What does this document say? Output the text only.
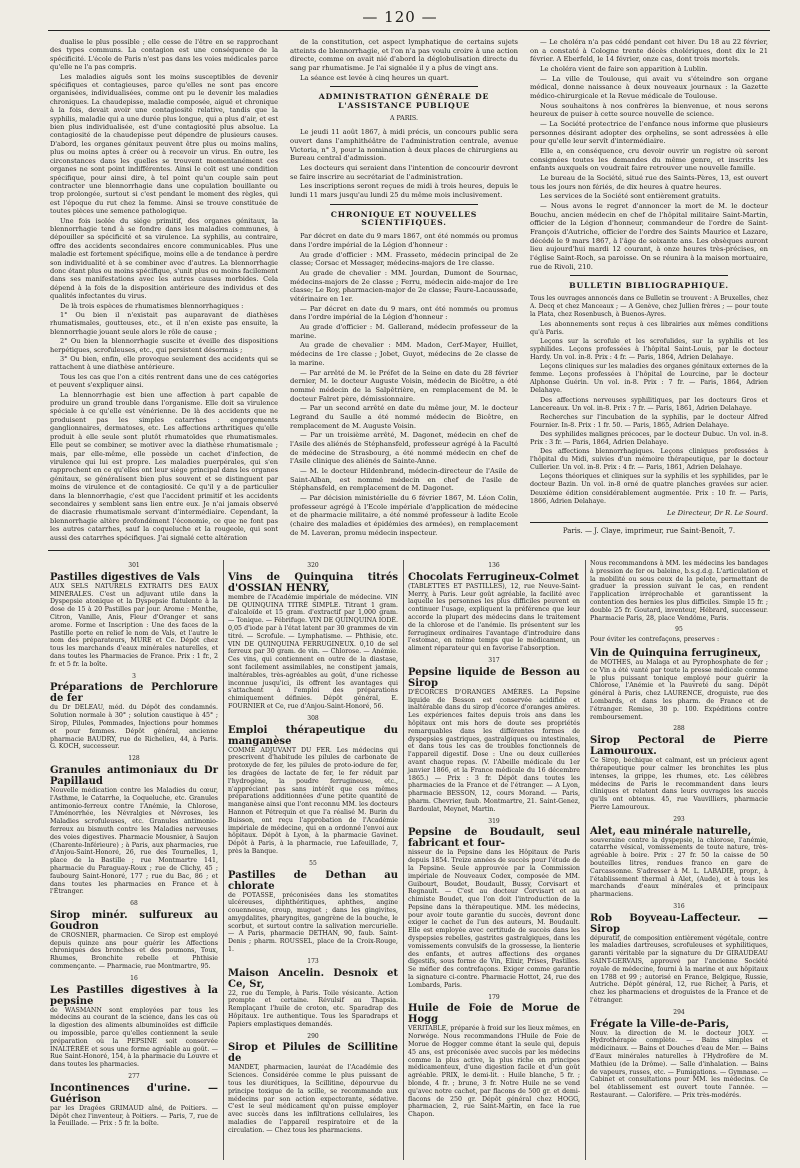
— 120 —

dualise le plus possible ; elle cesse de l'être en se rapprochant des types communs. La contagion est une conséquence de la spécificité. L'école de Paris n'est pas dans les voies médicales parce qu'elle ne l'a pas compris.

Les maladies aiguës sont les moins susceptibles de devenir spécifiques et contagieuses, parce qu'elles ne sont pas encore organisées, individualisées, comme ont pu le devenir les maladies chroniques. La chaudepisse, maladie composée, aiguë et chronique à la fois, devait avoir une contagiosité relative, tandis que la syphilis, maladie qui a une durée plus longue, qui a plus d'air, et est bien plus individualisée, est d'une contagiosité plus absolue. La contagiosité de la chaudepisse peut dépendre de plusieurs causes. D'abord, les organes génitaux peuvent être plus ou moins malins, plus ou moins aptes à créer ou à recevoir un virus. En outre, les circonstances dans les quelles se trouvent momentanément ces organes ne sont point indifférentes. Ainsi le coït est une condition spécifique, pour ainsi dire, à tel point qu'un couple sain peut contracter une blennorrhagie dans une copulation bouillante ou trop prolongée, surtout si c'est pendant le moment des règles, qui est l'époque du rut chez la femme. Ainsi se trouve constituée de toutes pièces une semence pathologique.

Une fois isolée du siége primitif, des organes génitaux, la blennorrhagie tend à se fondre dans les maladies communes, à dépouiller sa spécificité et sa virulence. La syphilis, au contraire, offre des accidents secondaires encore communicables. Plus une maladie est fortement spécifique, moins elle a de tendance à perdre son individualité et à se combiner avec d'autres. La blennorrhagie donc étant plus ou moins spécifique, s'unit plus ou moins facilement dans ses manifestations avec les autres causes morbides. Cela dépend à la fois de la disposition antérieure des individus et des qualités infectantes du virus.

De là trois espèces de rhumatismes blennorrhagiques :

1° Ou bien il n'existait pas auparavant de diathèses rhumatismales, goutteuses, etc., et il n'en existe pas ensuite, la blennorrhagie jouant seule alors le rôle de cause ;

2° Ou bien la blennorrhagie suscite et éveille des dispositions herpétiques, scrofuleuses, etc., qui persistent désormais ;

3° Ou bien, enfin, elle provoque seulement des accidents qui se rattachent à une diathèse antérieure.

Tous les cas que l'on a cités rentrent dans une de ces catégories et peuvent s'expliquer ainsi.

La blennorrhagie est bien une affection à part capable de produire un grand trouble dans l'organisme. Elle doit sa virulence spéciale à ce qu'elle est vénérienne. De là des accidents que ne produisent pas les simples catarrhes : engorgements ganglionnaires, dermatoses, etc. Les affections arthritiques qu'elle produit à elle seule sont plutôt rhumatoïdes que rhumatismales. Elle peut se combiner, se motiver avec la diathèse rhumatismale ; mais, par elle-même, elle possède un cachet d'infection, de virulence qui lui est propre. Les maladies puerpérales, qui s'en rapprochent en ce qu'elles ont leur siége principal dans les organes génitaux, se généralisent bien plus souvent et se distinguent par moins de virulence et de contagiosité. Ce qu'il y a de particulier dans la blennorrhagie, c'est que l'accident primitif et les accidents secondaires y semblent sans lien entre eux. Je n'ai jamais observé de diacrasie rhumatismale servant d'intermédiaire. Cependant, la blennorrhagie altère profondément l'économie, ce que ne font pas les autres catarrhes, sauf la coqueluche et la rougeole, qui sont aussi des catarrhes spécifiques. J'ai signalé cette altération

de la constitution, cet aspect lymphatique de certains sujets atteints de blennorrhagie, et l'on n'a pas voulu croire à une action directe, comme on avait nié d'abord la déglobulisation directe du sang par rhumatisme. Je l'ai signalée il y a plus de vingt ans.

La séance est levée à cinq heures un quart.

ADMINISTRATION GÉNÉRALE DE L'ASSISTANCE PUBLIQUE

A PARIS.

Le jeudi 11 août 1867, à midi précis, un concours public sera ouvert dans l'amphithéâtre de l'administration centrale, avenue Victoria, n° 3, pour la nomination à deux places de chirurgiens au Bureau central d'admission.

Les docteurs qui seraient dans l'intention de concourir devront se faire inscrire au secrétariat de l'administration.

Les inscriptions seront reçues de midi à trois heures, depuis le lundi 11 mars jusqu'au lundi 25 du même mois inclusivement.

CHRONIQUE ET NOUVELLES SCIENTIFIQUES.

Par décret en date du 9 mars 1867, ont été nommés ou promus dans l'ordre impérial de la Légion d'honneur :

Au grade d'officier : MM. Frasseto, médecin principal de 2e classe; Corsac et Messager, médecins-majors de 1re classe.

Au grade de chevalier : MM. Jourdan, Dumont de Sournac, médecins-majors de 2e classe ; Ferru, médecin aide-major de 1re classe; Le Roy, pharmacien-major de 2e classe; Faure-Lacaussade, vétérinaire en 1er.

— Par décret en date du 9 mars, ont été nommés ou promus dans l'ordre impérial de la Légion d'honneur :

Au grade d'officier : M. Gallerand, médecin professeur de la marine.

Au grade de chevalier : MM. Madon, Cerf-Mayer, Huillet, médecins de 1re classe ; Jobet, Guyot, médecins de 2e classe de la marine.

— Par arrêté de M. le Préfet de la Seine en date du 28 février dernier, M. le docteur Auguste Voisin, médecin de Bicêtre, a été nommé médecin de la Salpêtrière, en remplacement de M. le docteur Falret père, démissionnaire.

— Par un second arrêté en date du même jour, M. le docteur Legrand du Saulle a été nommé médecin de Bicêtre, en remplacement de M. Auguste Voisin.

— Par un troisième arrêté, M. Dagonet, médecin en chef de l'Asile des aliénés de Stéphansfeld, professeur agrégé à la Faculté de médecine de Strasbourg, a été nommé médecin en chef de l'Asile clinique des aliénés de Sainte-Anne.

— M. le docteur Hildenbrand, médecin-directeur de l'Asile de Saint-Alban, est nommé médecin en chef de l'asile de Stéphansfeld, en remplacement de M. Dagonet.

— Par décision ministérielle du 6 février 1867, M. Léon Colin, professeur agrégé à l'Ecole impériale d'application de médecine et de pharmacie militaire, a été nommé professeur à ladite Ecole (chaire des maladies et épidémies des armées), en remplacement de M. Laveran, promu médecin inspecteur.

— Le choléra n'a pas cédé pendant cet hiver. Du 18 au 22 février, on a constaté à Cologne trente décès cholériques, dont dix le 21 février. A Eberfeld, le 14 février, onze cas, dont trois mortels.

Le choléra vient de faire son apparition à Lublin.

— La ville de Toulouse, qui avait vu s'éteindre son organe médical, donne naissance à deux nouveaux journaux : la Gazette médico-chirurgicale et la Revue médicale de Toulouse.

Nous souhaitons à nos confrères la bienvenue, et nous serons heureux de puiser à cette source nouvelle de science.

— La Société protectrice de l'enfance nous informe que plusieurs personnes désirant adopter des orphelins, se sont adressées à elle pour qu'elle leur servît d'intermédiaire.

Elle a, en conséquence, cru devoir ouvrir un registre où seront consignées toutes les demandes du même genre, et inscrits les enfants auxquels on voudrait faire retrouver une nouvelle famille.

Le bureau de la Société, situé rue des Saints-Pères, 13, est ouvert tous les jours non fériés, de dix heures à quatre heures.

Les services de la Société sont entièrement gratuits.

— Nous avons le regret d'annoncer la mort de M. le docteur Bouchu, ancien médecin en chef de l'hôpital militaire Saint-Martin, officier de la Légion d'honneur, commandeur de l'ordre de Saint-François d'Autriche, officier de l'ordre des Saints Maurice et Lazare, décédé le 9 mars 1867, à l'âge de soixante ans. Les obsèques auront lieu aujourd'hui mardi 12 courant, à onze heures très-précises, en l'église Saint-Roch, sa paroisse. On se réunira à la maison mortuaire, rue de Rivoli, 210.

BULLETIN BIBLIOGRAPHIQUE.

Tous les ouvrages annoncés dans ce Bulletin se trouvent : A Bruxelles, chez A. Decq et chez Manceaux ; — A Genève, chez Jullien frères ; — pour toute la Plata, chez Rosenbusch, à Buenos-Ayres.

Les abonnements sont reçus à ces librairies aux mêmes conditions qu'à Paris.

Leçons sur la scrofule et les scrofulides, sur la syphilis et les syphilides. Leçons professées à l'hôpital Saint-Louis, par le docteur Hardy. Un vol. in-8. Prix : 4 fr. — Paris, 1864, Adrien Delahaye.

Leçons cliniques sur les maladies des organes génitaux externes de la femme. Leçons professées à l'hôpital de Lourcine, par le docteur Alphonse Guérin. Un vol. in-8. Prix : 7 fr. — Paris, 1864, Adrien Delahaye.

Des affections nerveuses syphilitiques, par les docteurs Gros et Lancereaux. Un vol. in-8. Prix : 7 fr. — Paris, 1861, Adrien Delahaye.

Recherches sur l'incubation de la syphilis, par le docteur Alfred Fournier. In-8. Prix : 1 fr. 50. — Paris, 1865, Adrien Delahaye.

Des syphilides malignes précoces, par le docteur Dubuc. Un vol. in-8. Prix : 3 fr. — Paris, 1864, Adrien Delahaye.

Des affections blennorrhagiques. Leçons cliniques professées à l'hôpital du Midi, suivies d'un mémoire thérapeutique, par le docteur Cullerier. Un vol. in-8. Prix : 4 fr. — Paris, 1861, Adrien Delahaye.

Leçons théoriques et cliniques sur la syphilis et les syphilides, par le docteur Bazin. Un vol. in-8 orné de quatre planches gravées sur acier. Deuxième édition considérablement augmentée. Prix : 10 fr. — Paris, 1866, Adrien Delahaye.

Le Directeur, Dr R. Le Sourd.
Paris. — J. Claye, imprimeur, rue Saint-Benoît, 7.
301
Pastilles digestives de Vals
AUX SELS NATURELS EXTRAITS DES EAUX MINÉRALES. C'est un adjuvant utile dans la Dyspepsie atonique et la Dyspepsie flatulente à la dose de 15 à 20 Pastilles par jour. Arome : Menthe, Citron, Vanille, Anis, Fleur d'Oranger et sans arome. Forme et Inscription : Une des faces de la Pastille porte en relief le nom de Vals, et l'autre le nom des préparateurs, MURE et Ce. Dépôt chez tous les marchands d'eaux minérales naturelles, et dans toutes les Pharmacies de France. Prix : 1 fr., 2 fr. et 5 fr. la boîte.
3
Préparations de Perchlorure de fer
du Dr DELEAU, méd. du Dépôt des condamnés. Solution normale à 30° ; solution caustique à 45° ; Sirop, Pilules, Pommades, Injections pour hommes et pour femmes. Dépôt général, ancienne pharmacie BAUDRY, rue de Richelieu, 44, à Paris. G. KOCH, successeur.
128
Granules antimoniaux du Dr Papillaud
Nouvelle médication contre les Maladies du cœur, l'Asthme, le Catarrhe, la Coqueluche, etc. Granules antimonio-ferreux contre l'Anémie, la Chlorose, l'Aménorrhée, les Névralgies et Névroses, les Maladies scrofuleuses, etc. Granules antimonio-ferreux au bismuth contre les Maladies nerveuses des voies digestives. Pharmacie Mousnier, à Saujon (Charente-Inférieure) ; à Paris, aux pharmacies, rue d'Anjou-Saint-Honoré, 26, rue des Tournelles, 1, place de la Bastille ; rue Montmartre 141, pharmacie du Paraguay-Roux ; rue de Clichy, 45 ; faubourg Saint-Honoré, 177 ; rue du Bac, 86 ; et dans toutes les pharmacies en France et à l'Étranger.
68
Sirop minér. sulfureux au Goudron
de CROSNIER, pharmacien. Ce Sirop est employé depuis quinze ans pour guérir les Affections chroniques des bronches et des poumons, Toux, Rhumes, Bronchite rebelle et Phthisie commençante. — Pharmacie, rue Montmartre, 95.
16
Les Pastilles digestives à la pepsine
de WASMANN sont employées par tous les médecins au courant de la science, dans les cas où la digestion des aliments albuminoïdes est difficile ou impossible, parce qu'elles contiennent la seule préparation où la PEPSINE soit conservée INALTÉRÉE et sous une forme agréable au goût. — Rue Saint-Honoré, 154, à la pharmacie du Louvre et dans toutes les pharmacies.
277
Incontinences d'urine. — Guérison
par les Dragées GRIMAUD aîné, de Poitiers. — Dépôt chez l'inventeur, à Poitiers. — Paris, 7, rue de la Feuillade. — Prix : 5 fr. la boîte.
320
Vins de Quinquina titrés d'OSSIAN HENRY,
membre de l'Académie impériale de médecine. VIN DE QUINQUINA TITRÉ SIMPLE. Titrant 1 gram. d'alcaloïde et 15 gram. d'extractif par 1,000 gram. — Tonique. — Fébrifuge. VIN DE QUINQUINA IODÉ. 0,05 d'iode par à l'état latent par 30 grammes de vin titré. — Scrofule. — Lymphatisme. — Phthisie, etc. VIN DE QUINQUINA FERRUGINEUX. 0,10 de sel ferreux par 30 gram. de vin. — Chlorose. — Anémie. Ces vins, qui contiennent en outre de la diastase, sont facilement assimilables, ne constipent jamais, inaltérables, très-agréables au goût, d'une richesse inconnue jusqu'ici, ils offrent les avantages qui s'attachent à l'emploi des préparations chimiquement définies. Dépôt général, E. FOURNIER et Ce, rue d'Anjou-Saint-Honoré, 56.
308
Emploi thérapeutique du manganèse
COMME ADJUVANT DU FER. Les médecins qui prescrivent d'habitude les pilules de carbonate de protoxyde de fer, les pilules de proto-iodure de fer, les dragées de lactate de fer, le fer réduit par l'hydrogène, la poudre ferrugineuse, etc., n'appréciant pas sans intérêt que ces mêmes préparations additionnées d'une petite quantité de manganèse ainsi que l'ont reconnu MM. les docteurs Hannon et Pétrequin et que l'a réalisé M. Burin du Buisson, ont reçu l'approbation de l'Académie impériale de médecine, qui en a ordonné l'envoi aux hôpitaux. Dépôt à Lyon, à la pharmacie Gavinet. Dépôt à Paris, à la pharmacie, rue Lafeuillade, 7, près la Banque.
55
Pastilles de Dethan au chlorate
de POTASSE, préconisées dans les stomatites ulcéreuses, diphthéritiques, aphthes, angine couenneuse, croup, muguet ; dans les gingivites, amygdalites, pharyngites, gangrène de la bouche, le scorbut, et surtout contre la salivation mercurielle. — A Paris, pharmacie DETHAN, 90, faub. Saint-Denis ; pharm. ROUSSEL, place de la Croix-Rouge, 1.
173
Maison Ancelin. Desnoix et Ce, Sr,
22, rue du Temple, à Paris. Toile vésicante. Action prompte et certaine. Révulsif au Thapsia. Remplaçant l'huile de croton, etc. Sparadrap des Hôpitaux. 1re authentique. Tous les Sparadraps et Papiers emplastiques demandés.
290
Sirop et Pilules de Scillitine de
MANDET, pharmacien, lauréat de l'Académie des Sciences. Considérée comme le plus puissant de tous les diurétiques, la Scillitine, dépourvue du principe toxique de la scille, se recommande aux médecins par son action expectorante, sédative. C'est le seul médicament qu'on puisse employer avec succès dans les infiltrations cellulaires, les maladies de l'appareil respiratoire et de la circulation. — Chez tous les pharmaciens.
136
Chocolats Ferrugineux-Colmet
(TABLETTES ET PASTILLES), 12, rue Neuve-Saint-Merry, à Paris. Leur goût agréable, la facilité avec laquelle les personnes les plus difficiles peuvent en continuer l'usage, expliquent la préférence que leur accorde la plupart des médecins dans le traitement de la chlorose et de l'anémie. Ils présentent sur les ferrugineux ordinaires l'avantage d'introduire dans l'estomac, en même temps que le médicament, un aliment réparateur qui en favorise l'absorption.
317
Pepsine liquide de Besson au Sirop
D'ÉCORCES D'ORANGES AMÈRES. La Pepsine liquide de Besson est conservée acidifiée et inaltérable dans du sirop d'écorce d'oranges amères. Les expériences faites depuis trois ans dans les hôpitaux ont mis hors de doute ses propriétés remarquables dans les différentes formes de dyspepsies gastriques, gastralgiques ou intestinales, et dans tous les cas de troubles fonctionnels de l'appareil digestif. Dose : Une ou deux cuillerées avant chaque repas. (V. l'Abeille médicale du 1er janvier 1866, et la France médicale du 16 décembre 1865.) — Prix : 3 fr. Dépôt dans toutes les pharmacies de la France et de l'étranger. — A Lyon, pharmacie BESSON, 12, cours Morand. — Paris, pharm. Chevrier, faub. Montmartre, 21. Saint-Genez, Bardoulat, Meynet, Martin.
319
Pepsine de Boudault, seul fabricant et four-
nisseur de la Pepsine dans les Hôpitaux de Paris depuis 1854. Treize années de succès pour l'étude de la Pepsine. Seule approuvée par la Commission impériale de Nouveaux Codex, composée de MM. Guibourt, Boudet, Boudault, Bussy, Corvisart et Regnault. — C'est au docteur Corvisart et au chimiste Boudet, que l'on doit l'introduction de la Pepsine dans la thérapeutique. MM. les médecins, pour avoir toute garantie du succès, devront donc exiger le cachet de l'un des auteurs, M. Boudault. Elle est employée avec certitude de succès dans les dyspepsies rebelles, gastrites gastralgiques, dans les vomissements convulsifs de la grossesse, la lienterie des enfants, et autres affections des organes digestifs, sous forme de Vin, Elixir, Prises, Pastilles. Se méfier des contrefaçons. Exiger comme garantie la signature ci-contre. Pharmacie Hottot, 24, rue des Lombards, Paris.
179
Huile de Foie de Morue de Hogg
VÉRITABLE, préparée à froid sur les lieux mêmes, en Norwége. Nous recommandons l'Huile de Foie de Morue de Hogger comme étant la seule qui, depuis 45 ans, est préconisée avec succès par les médecins comme la plus active, la plus riche en principes médicamenteux, d'une digestion facile et d'un goût agréable. PRIX, le demi-lit. : Huile blanche, 5 fr. ; blonde, 4 fr. ; brune, 3 fr. Notre Huile ne se vend qu'avec notre cachet, par flacons de 500 gr. et demi-flacons de 250 gr. Dépôt général chez HOGG, pharmacien, 2, rue Saint-Martin, en face la rue Chapon.
Nous recommandons à MM. les médecins les bandages à pression de fer ou baleine, b.s.g.d.g. L'articulation et la mobilité ou sous ceux de la pelote, permettant de graduer la pression suivant le cas, en rendent l'application irréprochable et garantissent la contention des hernies les plus difficiles. Simple 15 fr. ; double 25 fr. Goutard, inventeur, Hébrard, successeur. Pharmacie Paris, 28, place Vendôme, Paris.
95
Pour éviter les contrefaçons, preserves :
Vin de Quinquina ferrugineux,
de MOTHES, au Malaga et au Pyrophosphate de fer ; ce Vin a été vanté par toute la presse médicale comme le plus puissant tonique employé pour guérir la Chlorose, l'Anémie et la Pauvreté du sang. Dépôt général à Paris, chez LAURENCE, droguiste, rue des Lombards, et dans les pharm. de France et de l'étranger. Remise, 30 p. 100. Expéditions contre remboursement.
288
Sirop Pectoral de Pierre Lamouroux.
Ce Sirop, béchique et calmant, est un précieux agent thérapeutique pour calmer les bronchites les plus intenses, la grippe, les rhumes, etc. Les célèbres médecins de Paris le recommandent dans leurs cliniques et relatent dans leurs ouvrages les succès qu'ils ont obtenus. 45, rue Vauvilliers, pharmacie Pierre Lamouroux.
293
Alet, eau minérale naturelle,
souveraine contre la dyspepsie, la chlorose, l'anémie, catarrhe vésical, vomissements de toute nature, très-agréable à boire. Prix : 27 fr. 50 la caisse de 50 bouteilles litres, rendues franco en gare de Carcassonne. S'adresser à M. L. LABADIE, propr., à l'établissement thermal à Alet, (Aude), et à tous les marchands d'eaux minérales et principaux pharmaciens.
316
Rob Boyveau-Laffecteur. — Sirop
dépuratif, de composition entièrement végétale, contre les maladies dartreuses, scrofuleuses et syphilitiques, garanti véritable par la signature du Dr GIRAUDEAU SAINT-GERVAIS, approuvé par l'ancienne Société royale de médecine, fourni à la marine et aux hôpitaux en 1788 et 99 ; autorisé en France, Belgique, Russie, Autriche. Dépôt général, 12, rue Richer, à Paris, et chez les pharmaciens et droguistes de la France et de l'étranger.
294
Frégate la Ville-de-Paris,
Nouv. la direction de M. le docteur JOLY. — Hydrothérapie complète. — Bains simples et médicinaux. — Bains et Douches d'eau de Mer. — Bains d'Eaux minérales naturelles à l'Hydrofère de M. Mathieu (de la Drôme). — Salle d'inhalation. — Bains de vapeurs, russes, etc. — Fumigations. — Gymnase. — Cabinet et consultations pour MM. les médecins. Ce bel établissement est ouvert toute l'année. — Restaurant. — Calorifère. — Prix très-modérés.
